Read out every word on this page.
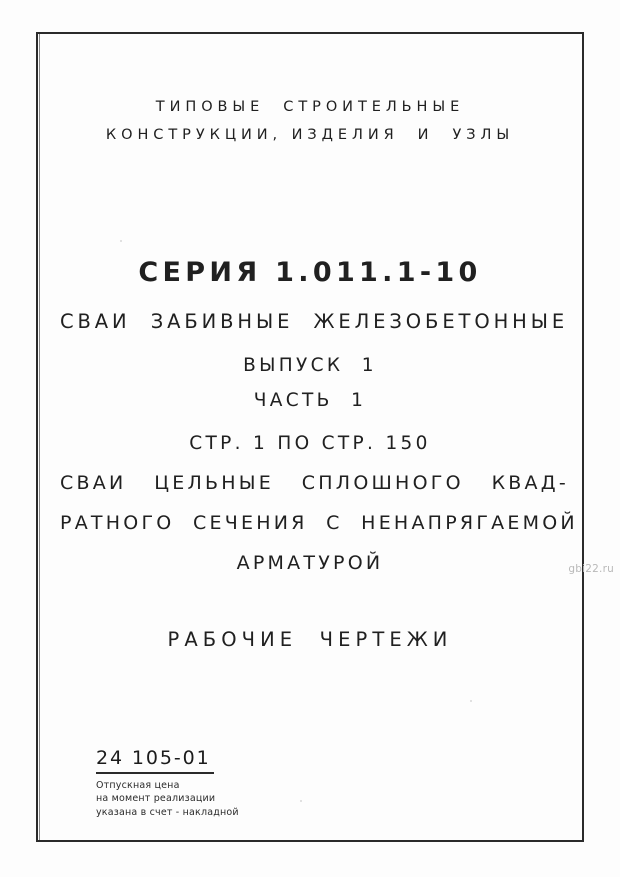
ТИПОВЫЕ  СТРОИТЕЛЬНЫЕ
КОНСТРУКЦИИ, ИЗДЕЛИЯ  И  УЗЛЫ
СЕРИЯ 1.011.1-10
СВАИ  ЗАБИВНЫЕ  ЖЕЛЕЗОБЕТОННЫЕ
ВЫПУСК  1
ЧАСТЬ  1
СТР. 1 ПО СТР. 150
СВАИ   ЦЕЛЬНЫЕ   СПЛОШНОГО   КВАД-
РАТНОГО  СЕЧЕНИЯ  С  НЕНАПРЯГАЕМОЙ
АРМАТУРОЙ
РАБОЧИЕ  ЧЕРТЕЖИ
24 105-01
Отпускная цена
на момент реализации
указана в счет - накладной
gbi22.ru
